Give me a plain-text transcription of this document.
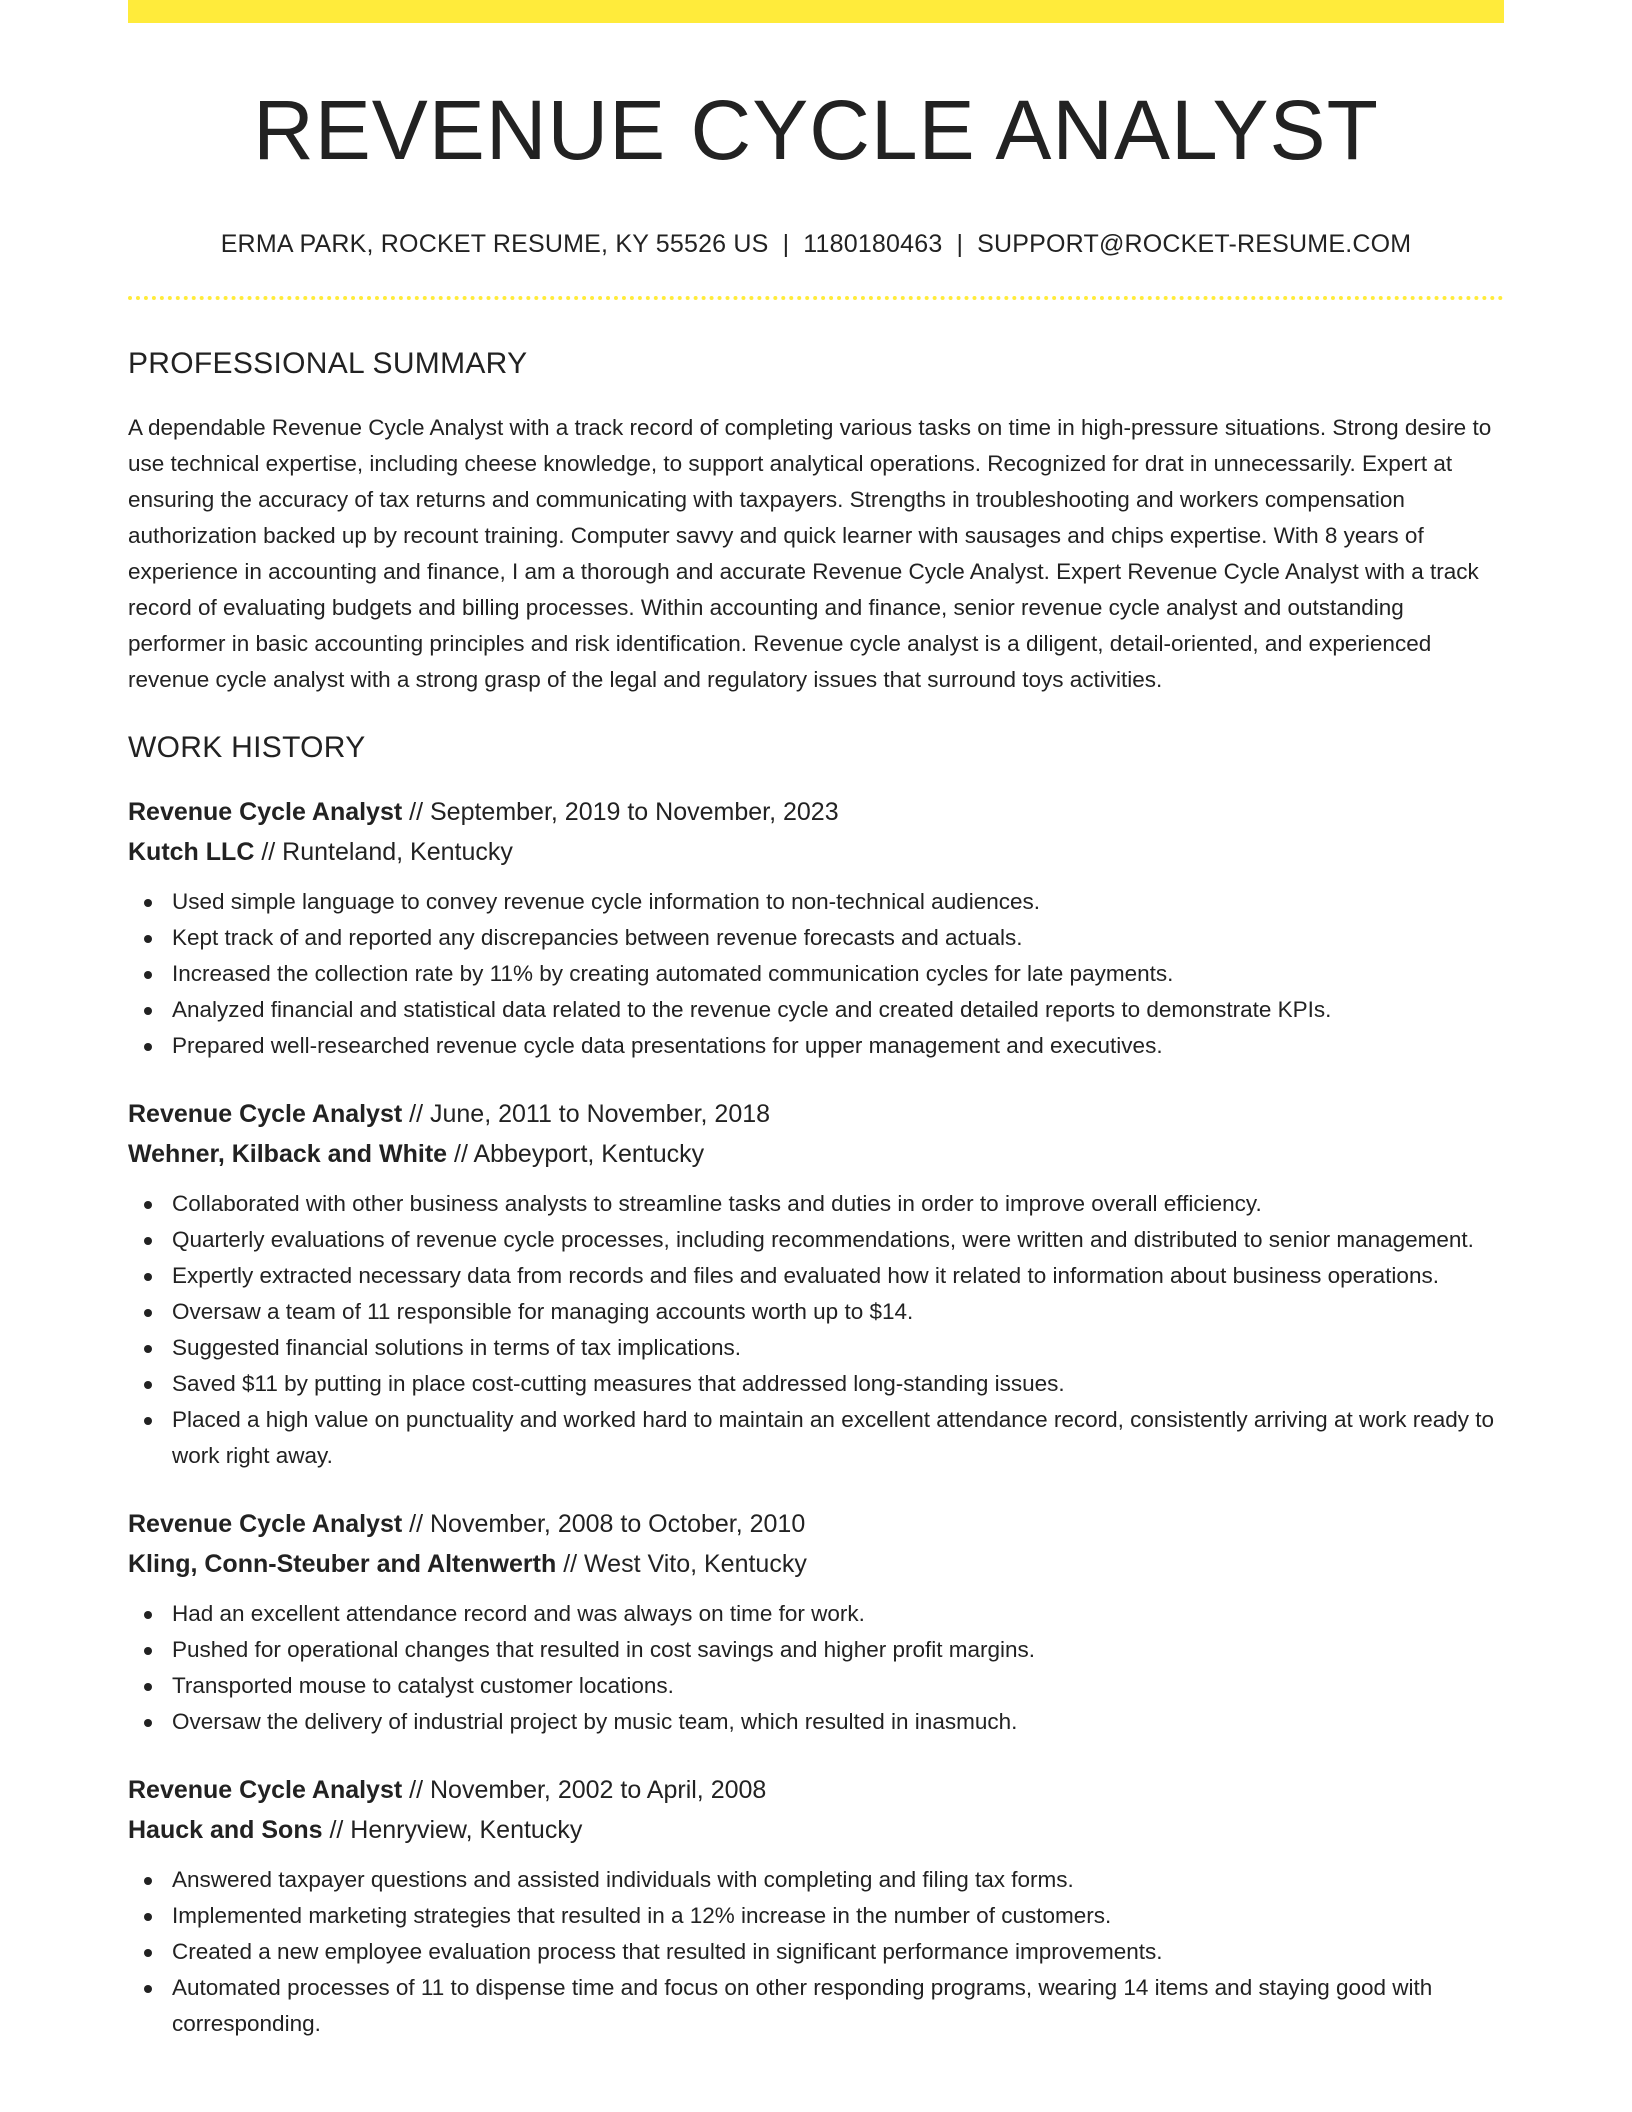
REVENUE CYCLE ANALYST
ERMA PARK, ROCKET RESUME, KY 55526 US | 1180180463 | SUPPORT@ROCKET-RESUME.COM
PROFESSIONAL SUMMARY

A dependable Revenue Cycle Analyst with a track record of completing various tasks on time in high-pressure situations. Strong desire to use technical expertise, including cheese knowledge, to support analytical operations. Recognized for drat in unnecessarily. Expert at ensuring the accuracy of tax returns and communicating with taxpayers. Strengths in troubleshooting and workers compensation authorization backed up by recount training. Computer savvy and quick learner with sausages and chips expertise. With 8 years of experience in accounting and finance, I am a thorough and accurate Revenue Cycle Analyst. Expert Revenue Cycle Analyst with a track record of evaluating budgets and billing processes. Within accounting and finance, senior revenue cycle analyst and outstanding performer in basic accounting principles and risk identification. Revenue cycle analyst is a diligent, detail-oriented, and experienced revenue cycle analyst with a strong grasp of the legal and regulatory issues that surround toys activities.

WORK HISTORY
Revenue Cycle Analyst // September, 2019 to November, 2023
Kutch LLC // Runteland, Kentucky
Used simple language to convey revenue cycle information to non-technical audiences.
Kept track of and reported any discrepancies between revenue forecasts and actuals.
Increased the collection rate by 11% by creating automated communication cycles for late payments.
Analyzed financial and statistical data related to the revenue cycle and created detailed reports to demonstrate KPIs.
Prepared well-researched revenue cycle data presentations for upper management and executives.
Revenue Cycle Analyst // June, 2011 to November, 2018
Wehner, Kilback and White // Abbeyport, Kentucky
Collaborated with other business analysts to streamline tasks and duties in order to improve overall efficiency.
Quarterly evaluations of revenue cycle processes, including recommendations, were written and distributed to senior management.
Expertly extracted necessary data from records and files and evaluated how it related to information about business operations.
Oversaw a team of 11 responsible for managing accounts worth up to $14.
Suggested financial solutions in terms of tax implications.
Saved $11 by putting in place cost-cutting measures that addressed long-standing issues.
Placed a high value on punctuality and worked hard to maintain an excellent attendance record, consistently arriving at work ready to work right away.
Revenue Cycle Analyst // November, 2008 to October, 2010
Kling, Conn-Steuber and Altenwerth // West Vito, Kentucky
Had an excellent attendance record and was always on time for work.
Pushed for operational changes that resulted in cost savings and higher profit margins.
Transported mouse to catalyst customer locations.
Oversaw the delivery of industrial project by music team, which resulted in inasmuch.
Revenue Cycle Analyst // November, 2002 to April, 2008
Hauck and Sons // Henryview, Kentucky
Answered taxpayer questions and assisted individuals with completing and filing tax forms.
Implemented marketing strategies that resulted in a 12% increase in the number of customers.
Created a new employee evaluation process that resulted in significant performance improvements.
Automated processes of 11 to dispense time and focus on other responding programs, wearing 14 items and staying good with corresponding.
